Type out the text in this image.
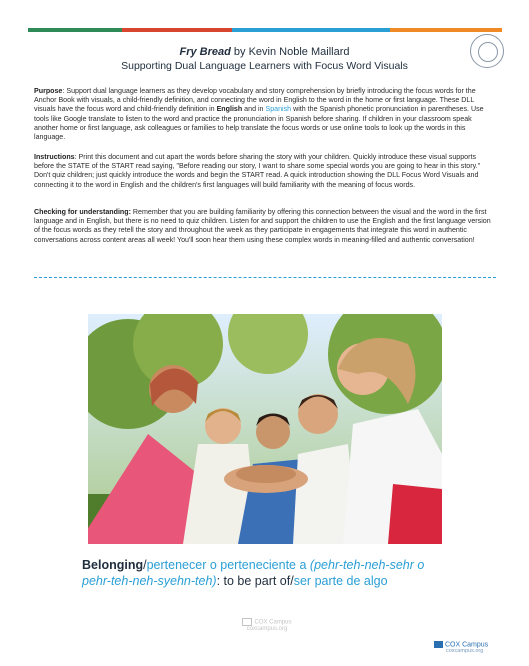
Fry Bread by Kevin Noble Maillard
Supporting Dual Language Learners with Focus Word Visuals

Purpose: Support dual language learners as they develop vocabulary and story comprehension by briefly introducing the focus words for the Anchor Book with visuals, a child-friendly definition, and connecting the word in English to the word in the home or first language. These DLL visuals have the focus word and child-friendly definition in English and in Spanish with the Spanish phonetic pronunciation in parentheses. Use tools like Google translate to listen to the word and practice the pronunciation in Spanish before sharing. If children in your classroom speak another home or first language, ask colleagues or families to help translate the focus words or use online tools to look up the words in this language.

Instructions: Print this document and cut apart the words before sharing the story with your children. Quickly introduce these visual supports before the STATE of the START read saying, "Before reading our story, I want to share some special words you are going to hear in this story." Don't quiz children; just quickly introduce the words and begin the START read. A quick introduction showing the DLL Focus Word Visuals and connecting it to the word in English and the children's first languages will build familiarity with the meaning of focus words.

Checking for understanding: Remember that you are building familiarity by offering this connection between the visual and the word in the first language and in English, but there is no need to quiz children. Listen for and support the children to use the English and the first language version of the focus words as they retell the story and throughout the week as they participate in engagements that integrate this word in authentic conversations across content areas all week! You'll soon hear them using these complex words in meaning-filled and authentic conversation!

Belonging/pertenecer o perteneciente a (pehr-teh-neh-sehr o pehr-teh-neh-syehn-teh): to be part of/ser parte de algo
COX Campus
coxcampus.org
COX Campus
coxcampus.org
